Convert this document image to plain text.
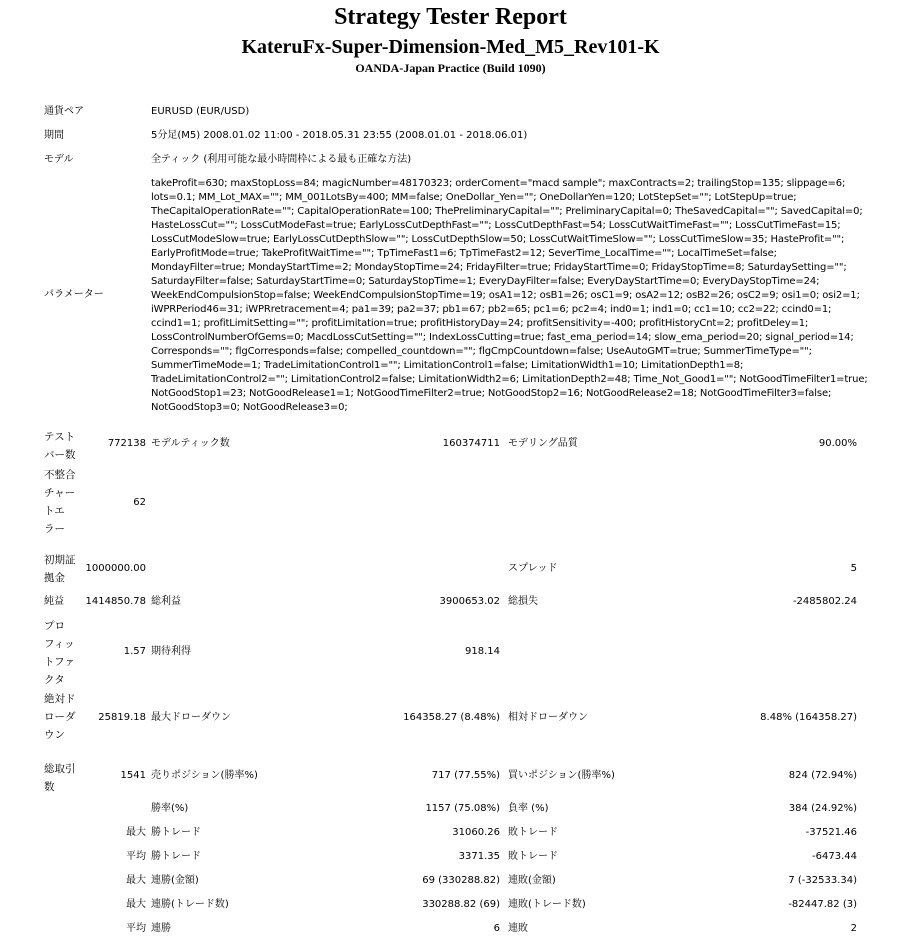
Strategy Tester Report
KateruFx-Super-Dimension-Med_M5_Rev101-K
OANDA-Japan Practice (Build 1090)
通貨ペア	EURUSD (EUR/USD)
期間	5分足(M5) 2008.01.02 11:00 - 2018.05.31 23:55 (2008.01.01 - 2018.06.01)
モデル	全ティック (利用可能な最小時間枠による最も正確な方法)
パラメーター
takeProfit=630; maxStopLoss=84; magicNumber=48170323; orderComent="macd sample"; maxContracts=2; trailingStop=135; slippage=6;
lots=0.1; MM_Lot_MAX=""; MM_001LotsBy=400; MM=false; OneDollar_Yen=""; OneDollarYen=120; LotStepSet=""; LotStepUp=true;
TheCapitalOperationRate=""; CapitalOperationRate=100; ThePreliminaryCapital=""; PreliminaryCapital=0; TheSavedCapital=""; SavedCapital=0;
HasteLossCut=""; LossCutModeFast=true; EarlyLossCutDepthFast=""; LossCutDepthFast=54; LossCutWaitTimeFast=""; LossCutTimeFast=15;
LossCutModeSlow=true; EarlyLossCutDepthSlow=""; LossCutDepthSlow=50; LossCutWaitTimeSlow=""; LossCutTimeSlow=35; HasteProfit="";
EarlyProfitMode=true; TakeProfitWaitTime=""; TpTimeFast1=6; TpTimeFast2=12; SeverTime_LocalTime=""; LocalTimeSet=false;
MondayFilter=true; MondayStartTime=2; MondayStopTime=24; FridayFilter=true; FridayStartTime=0; FridayStopTime=8; SaturdaySetting="";
SaturdayFilter=false; SaturdayStartTime=0; SaturdayStopTime=1; EveryDayFilter=false; EveryDayStartTime=0; EveryDayStopTime=24;
WeekEndCompulsionStop=false; WeekEndCompulsionStopTime=19; osA1=12; osB1=26; osC1=9; osA2=12; osB2=26; osC2=9; osi1=0; osi2=1;
iWPRPeriod46=31; iWPRretracement=4; pa1=39; pa2=37; pb1=67; pb2=65; pc1=6; pc2=4; ind0=1; ind1=0; cc1=10; cc2=22; ccind0=1;
ccind1=1; profitLimitSetting=""; profitLimitation=true; profitHistoryDay=24; profitSensitivity=-400; profitHistoryCnt=2; profitDeley=1;
LossControlNumberOfGems=0; MacdLossCutSetting=""; IndexLossCutting=true; fast_ema_period=14; slow_ema_period=20; signal_period=14;
Corresponds=""; flgCorresponds=false; compelled_countdown=""; flgCmpCountdown=false; UseAutoGMT=true; SummerTimeType="";
SummerTimeMode=1; TradeLimitationControl1=""; LimitationControl1=false; LimitationWidth1=10; LimitationDepth1=8;
TradeLimitationControl2=""; LimitationControl2=false; LimitationWidth2=6; LimitationDepth2=48; Time_Not_Good1=""; NotGoodTimeFilter1=true;
NotGoodStop1=23; NotGoodRelease1=1; NotGoodTimeFilter2=true; NotGoodStop2=16; NotGoodRelease2=18; NotGoodTimeFilter3=false;
NotGoodStop3=0; NotGoodRelease3=0;
テスト
バー数
772138 モデルティック数	160374711 モデリング品質	90.00%
不整合
チャー
トエ
ラー
62
初期証
拠金
1000000.00	スプレッド	5
純益 1414850.78 総利益	3900653.02 総損失	-2485802.24
プロ
フィッ
トファ
クタ
1.57 期待利得	918.14
絶対ド
ローダ
ウン
25819.18 最大ドローダウン	164358.27 (8.48%) 相対ドローダウン	8.48% (164358.27)
総取引
数
1541 売りポジション(勝率%)	717 (77.55%) 買いポジション(勝率%)	824 (72.94%)
勝率(%)	1157 (75.08%) 負率 (%)	384 (24.92%)
最大 勝トレード	31060.26 敗トレード	-37521.46
平均 勝トレード	3371.35 敗トレード	-6473.44
最大 連勝(金額)	69 (330288.82) 連敗(金額)	7 (-32533.34)
最大 連勝(トレード数)	330288.82 (69) 連敗(トレード数)	-82447.82 (3)
平均 連勝	6 連敗	2
